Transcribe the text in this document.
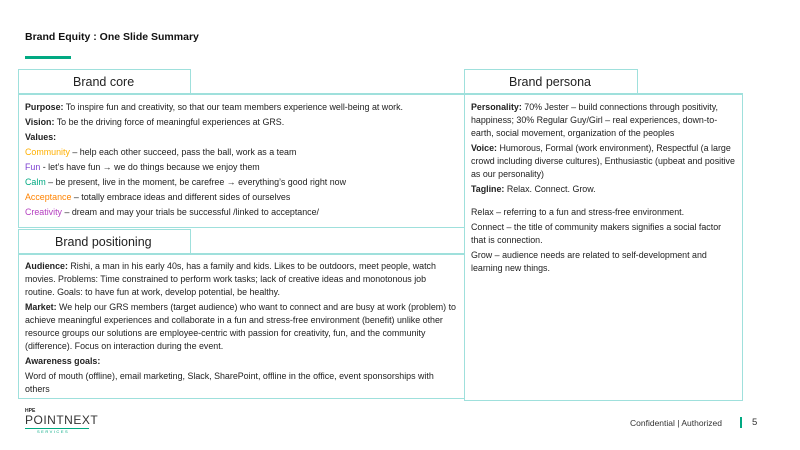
Brand Equity : One Slide Summary
Brand core

Purpose: To inspire fun and creativity, so that our team members experience well-being at work.

Vision: To be the driving force of meaningful experiences at GRS.

Values:

Community – help each other succeed, pass the ball, work as a team

Fun - let’s have fun → we do things because we enjoy them

Calm – be present, live in the moment, be carefree → everything’s good right now

Acceptance – totally embrace ideas and different sides of ourselves

Creativity – dream and may your trials be successful /linked to acceptance/

Brand positioning

Audience: Rishi, a man in his early 40s, has a family and kids. Likes to be outdoors, meet people, watch movies. Problems: Time constrained to perform work tasks; lack of creative ideas and monotonous job routine. Goals: to have fun at work, develop potential, be healthy.

Market: We help our GRS members (target audience) who want to connect and are busy at work (problem) to achieve meaningful experiences and collaborate in a fun and stress-free environment (benefit) unlike other resource groups our solutions are employee-centric with passion for creativity, fun, and the community (difference). Focus on interaction during the event.

Awareness goals:

Word of mouth (offline), email marketing, Slack, SharePoint, offline in the office, event sponsorships with others

Brand persona

Personality: 70% Jester – build connections through positivity, happiness; 30% Regular Guy/Girl – real experiences, down-to-earth, social movement, organization of the peoples

Voice: Humorous, Formal (work environment), Respectful (a large crowd including diverse cultures), Enthusiastic (upbeat and positive as our personality)

Tagline: Relax. Connect. Grow.

Relax – referring to a fun and stress-free environment.

Connect – the title of community makers signifies a social factor that is connection.

Grow – audience needs are related to self-development and learning new things.

HPE
POINTNEXT
SERVICES
Confidential | Authorized	5
